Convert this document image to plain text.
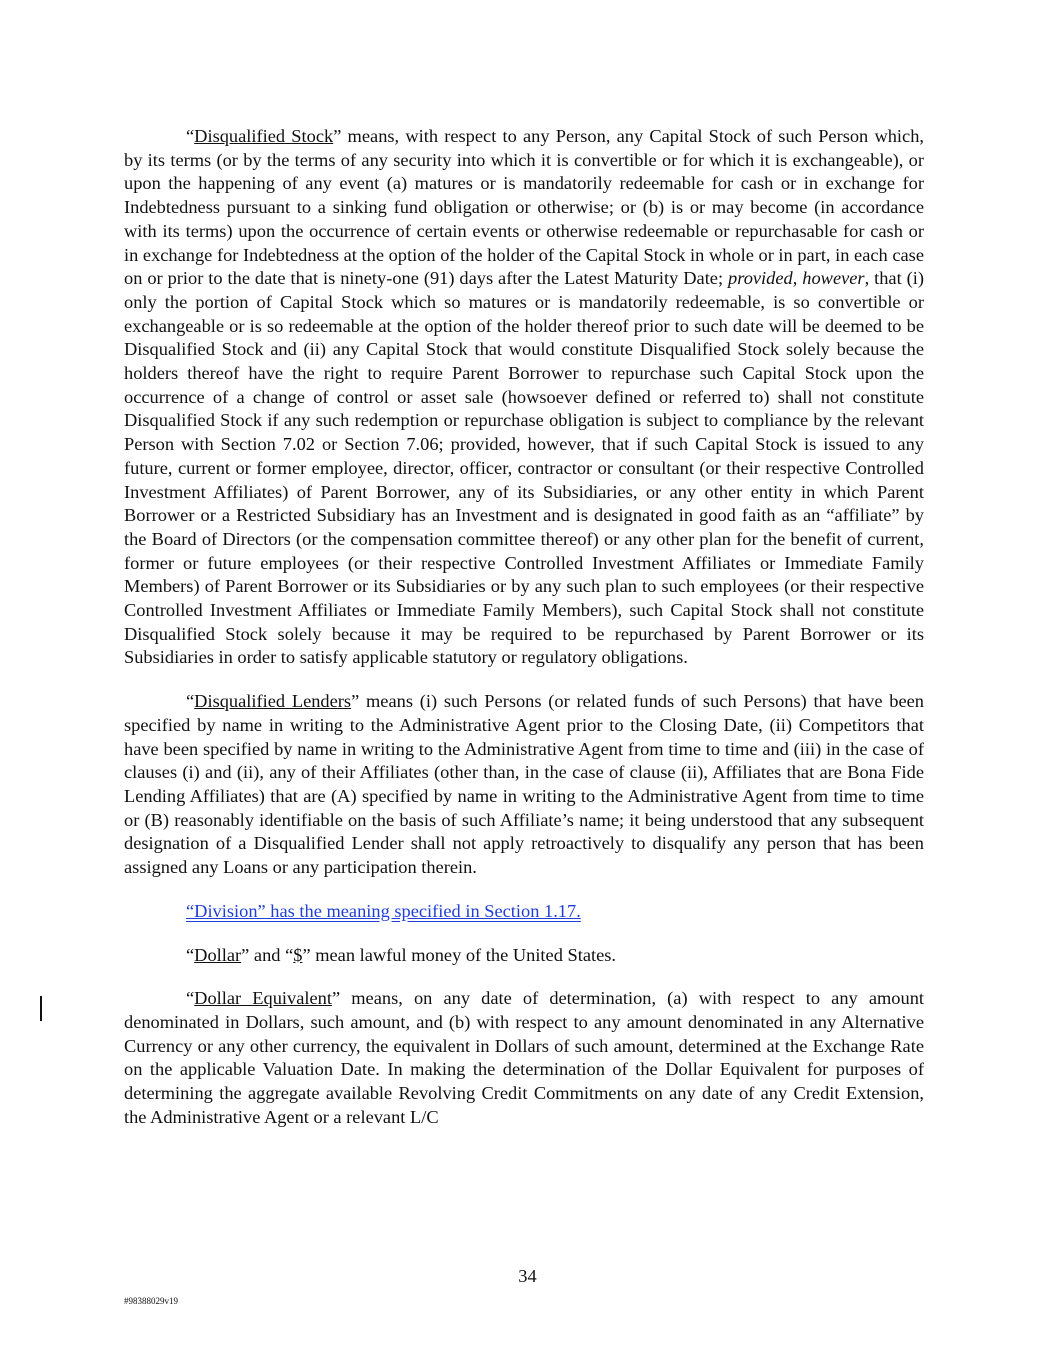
“Disqualified Stock” means, with respect to any Person, any Capital Stock of such Person which, by its terms (or by the terms of any security into which it is convertible or for which it is exchangeable), or upon the happening of any event (a) matures or is mandatorily redeemable for cash or in exchange for Indebtedness pursuant to a sinking fund obligation or otherwise; or (b) is or may become (in accordance with its terms) upon the occurrence of certain events or otherwise redeemable or repurchasable for cash or in exchange for Indebtedness at the option of the holder of the Capital Stock in whole or in part, in each case on or prior to the date that is ninety-one (91) days after the Latest Maturity Date; provided, however, that (i) only the portion of Capital Stock which so matures or is mandatorily redeemable, is so convertible or exchangeable or is so redeemable at the option of the holder thereof prior to such date will be deemed to be Disqualified Stock and (ii) any Capital Stock that would constitute Disqualified Stock solely because the holders thereof have the right to require Parent Borrower to repurchase such Capital Stock upon the occurrence of a change of control or asset sale (howsoever defined or referred to) shall not constitute Disqualified Stock if any such redemption or repurchase obligation is subject to compliance by the relevant Person with Section 7.02 or Section 7.06; provided, however, that if such Capital Stock is issued to any future, current or former employee, director, officer, contractor or consultant (or their respective Controlled Investment Affiliates) of Parent Borrower, any of its Subsidiaries, or any other entity in which Parent Borrower or a Restricted Subsidiary has an Investment and is designated in good faith as an “affiliate” by the Board of Directors (or the compensation committee thereof) or any other plan for the benefit of current, former or future employees (or their respective Controlled Investment Affiliates or Immediate Family Members) of Parent Borrower or its Subsidiaries or by any such plan to such employees (or their respective Controlled Investment Affiliates or Immediate Family Members), such Capital Stock shall not constitute Disqualified Stock solely because it may be required to be repurchased by Parent Borrower or its Subsidiaries in order to satisfy applicable statutory or regulatory obligations.

“Disqualified Lenders” means (i) such Persons (or related funds of such Persons) that have been specified by name in writing to the Administrative Agent prior to the Closing Date, (ii) Competitors that have been specified by name in writing to the Administrative Agent from time to time and (iii) in the case of clauses (i) and (ii), any of their Affiliates (other than, in the case of clause (ii), Affiliates that are Bona Fide Lending Affiliates) that are (A) specified by name in writing to the Administrative Agent from time to time or (B) reasonably identifiable on the basis of such Affiliate’s name; it being understood that any subsequent designation of a Disqualified Lender shall not apply retroactively to disqualify any person that has been assigned any Loans or any participation therein.

“Division” has the meaning specified in Section 1.17.

“Dollar” and “$” mean lawful money of the United States.

“Dollar Equivalent” means, on any date of determination, (a) with respect to any amount denominated in Dollars, such amount, and (b) with respect to any amount denominated in any Alternative Currency or any other currency, the equivalent in Dollars of such amount, determined at the Exchange Rate on the applicable Valuation Date. In making the determination of the Dollar Equivalent for purposes of determining the aggregate available Revolving Credit Commitments on any date of any Credit Extension, the Administrative Agent or a relevant L/C

34
#98388029v19
